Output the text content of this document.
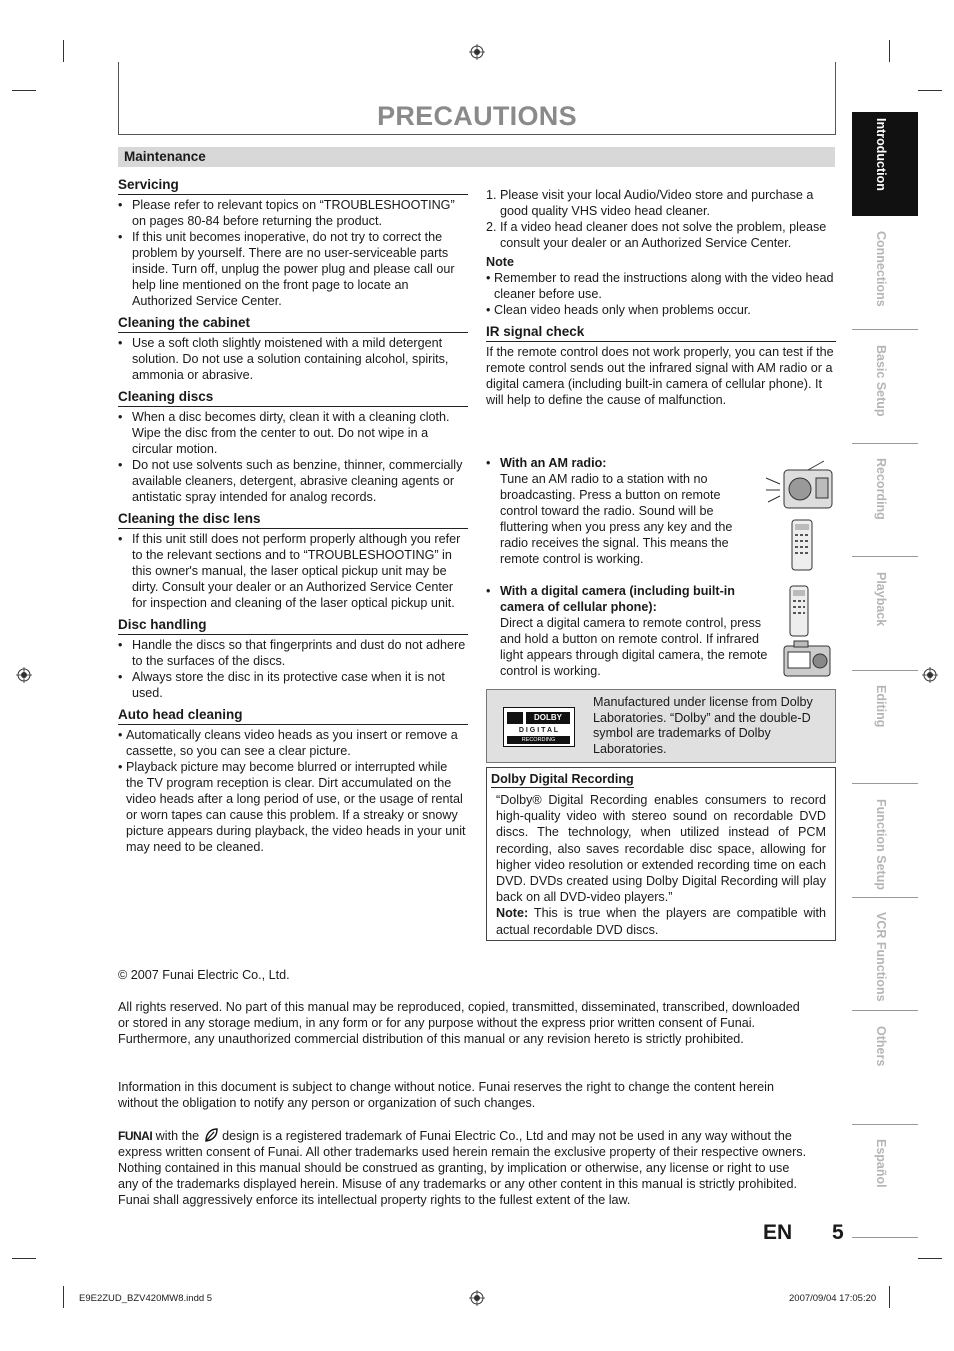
PRECAUTIONS
Maintenance	Introduction
Connections
Basic Setup
Recording
Playback
Editing
Function Setup
VCR Functions
Others
Español
Servicing
• Please refer to relevant topics on “TROUBLESHOOTING” on pages 80-84 before returning the product.
• If this unit becomes inoperative, do not try to correct the problem by yourself. There are no user-serviceable parts inside. Turn off, unplug the power plug and please call our help line mentioned on the front page to locate an Authorized Service Center.
Cleaning the cabinet
• Use a soft cloth slightly moistened with a mild detergent solution. Do not use a solution containing alcohol, spirits, ammonia or abrasive.
Cleaning discs
• When a disc becomes dirty, clean it with a cleaning cloth. Wipe the disc from the center to out. Do not wipe in a circular motion.
• Do not use solvents such as benzine, thinner, commercially available cleaners, detergent, abrasive cleaning agents or antistatic spray intended for analog records.
Cleaning the disc lens
• If this unit still does not perform properly although you refer to the relevant sections and to “TROUBLESHOOTING” in this owner's manual, the laser optical pickup unit may be dirty. Consult your dealer or an Authorized Service Center for inspection and cleaning of the laser optical pickup unit.
Disc handling
• Handle the discs so that fingerprints and dust do not adhere to the surfaces of the discs.
• Always store the disc in its protective case when it is not used.
Auto head cleaning
• Automatically cleans video heads as you insert or remove a cassette, so you can see a clear picture.
• Playback picture may become blurred or interrupted while the TV program reception is clear. Dirt accumulated on the video heads after a long period of use, or the usage of rental or worn tapes can cause this problem. If a streaky or snowy picture appears during playback, the video heads in your unit may need to be cleaned.
1. Please visit your local Audio/Video store and purchase a good quality VHS video head cleaner.
2. If a video head cleaner does not solve the problem, please consult your dealer or an Authorized Service Center.
Note
• Remember to read the instructions along with the video head cleaner before use.
• Clean video heads only when problems occur.
IR signal check
If the remote control does not work properly, you can test if the remote control sends out the infrared signal with AM radio or a digital camera (including built-in camera of cellular phone). It will help to define the cause of malfunction.
• With an AM radio:
Tune an AM radio to a station with no broadcasting. Press a button on remote control toward the radio. Sound will be fluttering when you press any key and the radio receives the signal. This means the remote control is working.
• With a digital camera (including built-in camera of cellular phone):
Direct a digital camera to remote control, press and hold a button on remote control. If infrared light appears through digital camera, the remote control is working.
DOLBY
D I G I T A L
RECORDING
Manufactured under license from Dolby Laboratories. “Dolby” and the double-D symbol are trademarks of Dolby Laboratories.
Dolby Digital Recording
“Dolby® Digital Recording enables consumers to record high-quality video with stereo sound on recordable DVD discs. The technology, when utilized instead of PCM recording, also saves recordable disc space, allowing for higher video resolution or extended recording time on each DVD. DVDs created using Dolby Digital Recording will play back on all DVD-video players.”
Note: This is true when the players are compatible with actual recordable DVD discs.
© 2007 Funai Electric Co., Ltd.
All rights reserved. No part of this manual may be reproduced, copied, transmitted, disseminated, transcribed, downloaded or stored in any storage medium, in any form or for any purpose without the express prior written consent of Funai. Furthermore, any unauthorized commercial distribution of this manual or any revision hereto is strictly prohibited.
Information in this document is subject to change without notice. Funai reserves the right to change the content herein without the obligation to notify any person or organization of such changes.
FUNAI with the  design is a registered trademark of Funai Electric Co., Ltd and may not be used in any way without the express written consent of Funai. All other trademarks used herein remain the exclusive property of their respective owners. Nothing contained in this manual should be construed as granting, by implication or otherwise, any license or right to use any of the trademarks displayed herein. Misuse of any trademarks or any other content in this manual is strictly prohibited. Funai shall aggressively enforce its intellectual property rights to the fullest extent of the law.
EN 5
E9E2ZUD_BZV420MW8.indd 5	2007/09/04 17:05:20
